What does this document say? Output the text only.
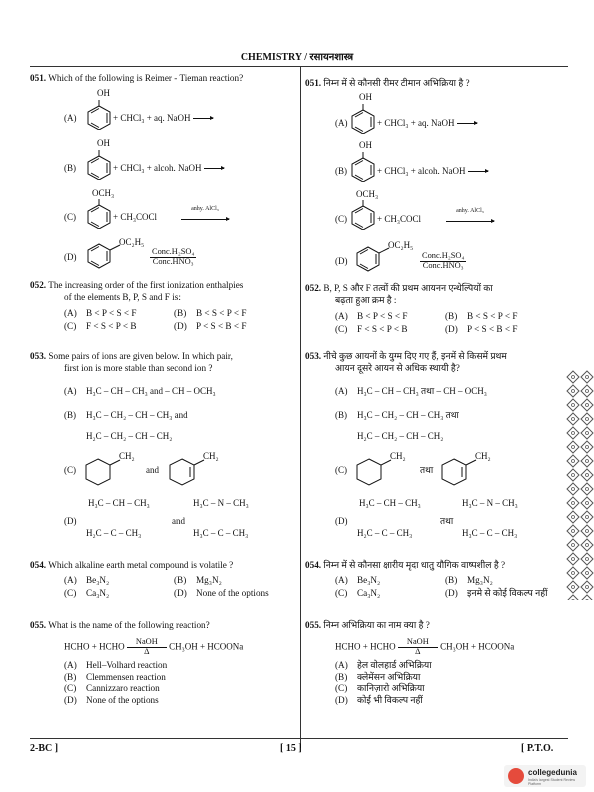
CHEMISTRY / रसायनशास्त्र
051. Which of the following is Reimer - Tieman reaction?
OH
(A)	+ CHCl₃ + aq. NaOH
OH
(B)	+ CHCl₃ + alcoh. NaOH
OCH₃
(C)	+ CH₃COCl
anhy. AlCl₃
(D)
OC₂H₅
$\frac{\text{Conc.H₂SO₄}}{\text{Conc.HNO₃}}$
052. The increasing order of the first ionization enthalpies
of the elements B, P, S and F is:
(A) B < P < S < F	(B) B < S < P < F
(C) F < S < P < B	(D) P < S < B < F
053. Some pairs of ions are given below. In which pair,
first ion is more stable than second ion ?
(A) H₃C – CH – CH₃ and – CH – OCH₃
(B) H₃C – CH₂ – CH – CH₃ and
H₂C – CH₂ – CH – CH₂
(C)
CH₂
and
CH₂
H₃C – CH – CH₃
(D)
H₂C – C – CH₃
and
H₃C – N – CH₃
H₃C – C – CH₃
054. Which alkaline earth metal compound is volatile ?
(A) Be₃N₂	(B) Mg₃N₂
(C) Ca₃N₂	(D) None of the options
055. What is the name of the following reaction?
HCHO + HCHO $\frac{\text{NaOH}}{\Delta} CH_3OH$ + HCOONa
(A) Hell–Volhard reaction
(B) Clemmensen reaction
(C) Cannizzaro reaction
(D) None of the options
051. निम्न में से कौनसी रीमर टीमान अभिक्रिया है ?
OH
(A)	+ CHCl₃ + aq. NaOH
OH
(B)	+ CHCl₃ + alcoh. NaOH
OCH₃
(C)	+ CH₃COCl
anhy. AlCl₃
(D)
OC₂H₅
$\frac{\text{Conc.H₂SO₄}}{\text{Conc.HNO₃}}$
052. B, P, S और F तत्वों की प्रथम आयनन एन्थेल्पियों का
बढ़ता हुआ क्रम है :
(A) B < P < S < F	(B) B < S < P < F
(C) F < S < P < B	(D) P < S < B < F
053. नीचे कुछ आयनों के युग्म दिए गए हैं, इनमें से किसमें प्रथम
आयन दूसरे आयन से अधिक स्थायी है?
(A) H₃C – CH – CH₃ तथा – CH – OCH₃
(B) H₃C – CH₂ – CH – CH₃ तथा
H₂C – CH₂ – CH – CH₂
(C)
CH₂
तथा
CH₂
H₃C – CH – CH₃
(D)
H₂C – C – CH₃
तथा
H₃C – N – CH₃
H₃C – C – CH₃
054. निम्न में से कौनसा क्षारीय मृदा धातु यौगिक वाष्पशील है ?
(A) Be₃N₂	(B) Mg₃N₂
(C) Ca₃N₂	(D) इनमे से कोई विकल्प नहीं
055. निम्न अभिक्रिया का नाम क्या है ?
HCHO + HCHO $\frac{\text{NaOH}}{\Delta} CH_3OH$ + HCOONa
(A) हेल वोलहार्ड अभिक्रिया
(B) क्लेमेंसन अभिक्रिया
(C) कानिज़ारो अभिक्रिया
(D) कोई भी विकल्प नहीं
2-BC ]	[ 15 ]	[ P.T.O.
collegedunia
India's largest Student Review Platform
